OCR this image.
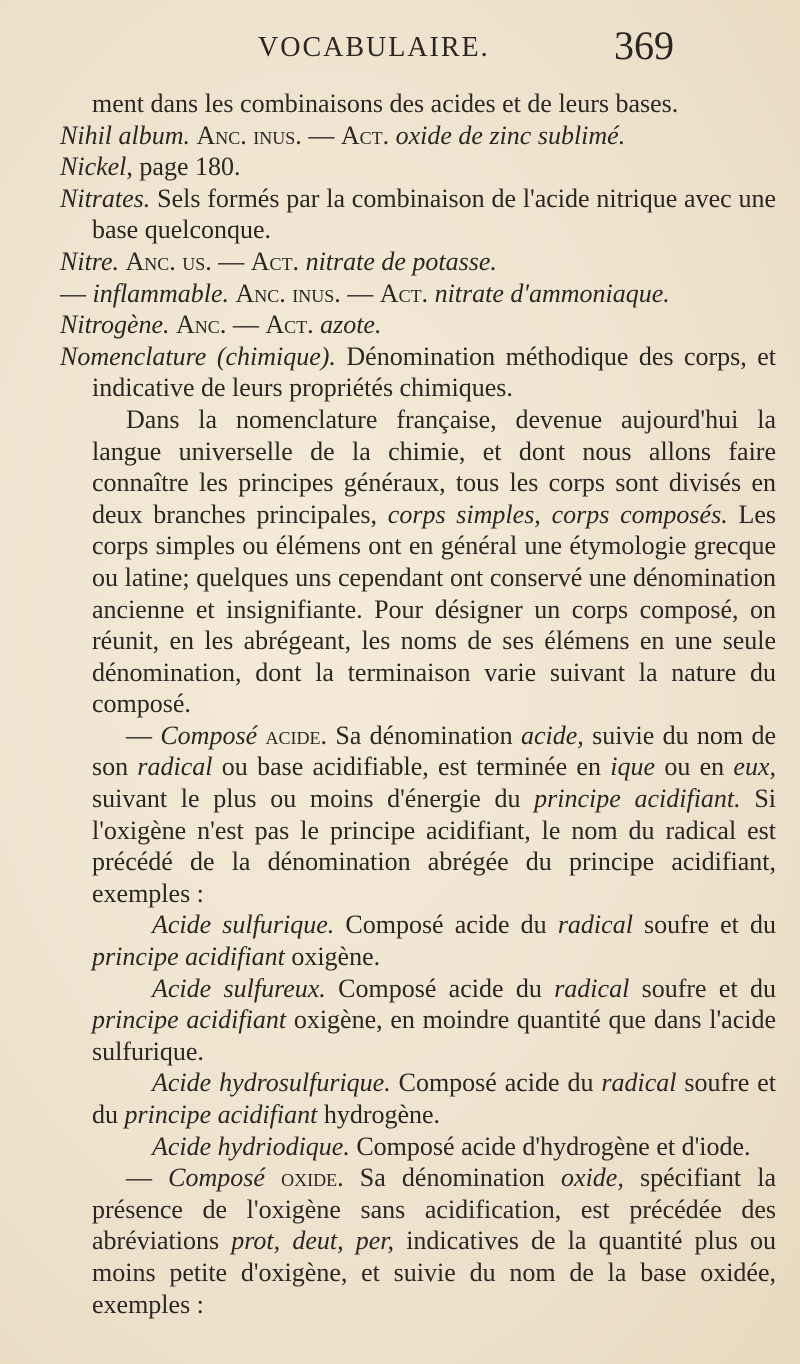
VOCABULAIRE.	369

ment dans les combinaisons des acides et de leurs bases.

Nihil album. Anc. inus. — Act. oxide de zinc sublimé.

Nickel, page 180.

Nitrates. Sels formés par la combinaison de l'acide nitrique avec une base quelconque.

Nitre. Anc. us. — Act. nitrate de potasse.

— inflammable. Anc. inus. — Act. nitrate d'ammoniaque.

Nitrogène. Anc. — Act. azote.

Nomenclature (chimique). Dénomination méthodique des corps, et indicative de leurs propriétés chimiques.

Dans la nomenclature française, devenue aujourd'hui la langue universelle de la chimie, et dont nous allons faire connaître les principes généraux, tous les corps sont divisés en deux branches principales, corps simples, corps composés. Les corps simples ou élémens ont en général une étymologie grecque ou latine; quelques uns cependant ont conservé une dénomination ancienne et insignifiante. Pour désigner un corps composé, on réunit, en les abrégeant, les noms de ses élémens en une seule dénomination, dont la terminaison varie suivant la nature du composé.

— Composé acide. Sa dénomination acide, suivie du nom de son radical ou base acidifiable, est terminée en ique ou en eux, suivant le plus ou moins d'énergie du principe acidifiant. Si l'oxigène n'est pas le principe acidifiant, le nom du radical est précédé de la dénomination abrégée du principe acidifiant, exemples :

Acide sulfurique. Composé acide du radical soufre et du principe acidifiant oxigène.

Acide sulfureux. Composé acide du radical soufre et du principe acidifiant oxigène, en moindre quantité que dans l'acide sulfurique.

Acide hydrosulfurique. Composé acide du radical soufre et du principe acidifiant hydrogène.

Acide hydriodique. Composé acide d'hydrogène et d'iode.

— Composé oxide. Sa dénomination oxide, spécifiant la présence de l'oxigène sans acidification, est précédée des abréviations prot, deut, per, indicatives de la quantité plus ou moins petite d'oxigène, et suivie du nom de la base oxidée, exemples :
